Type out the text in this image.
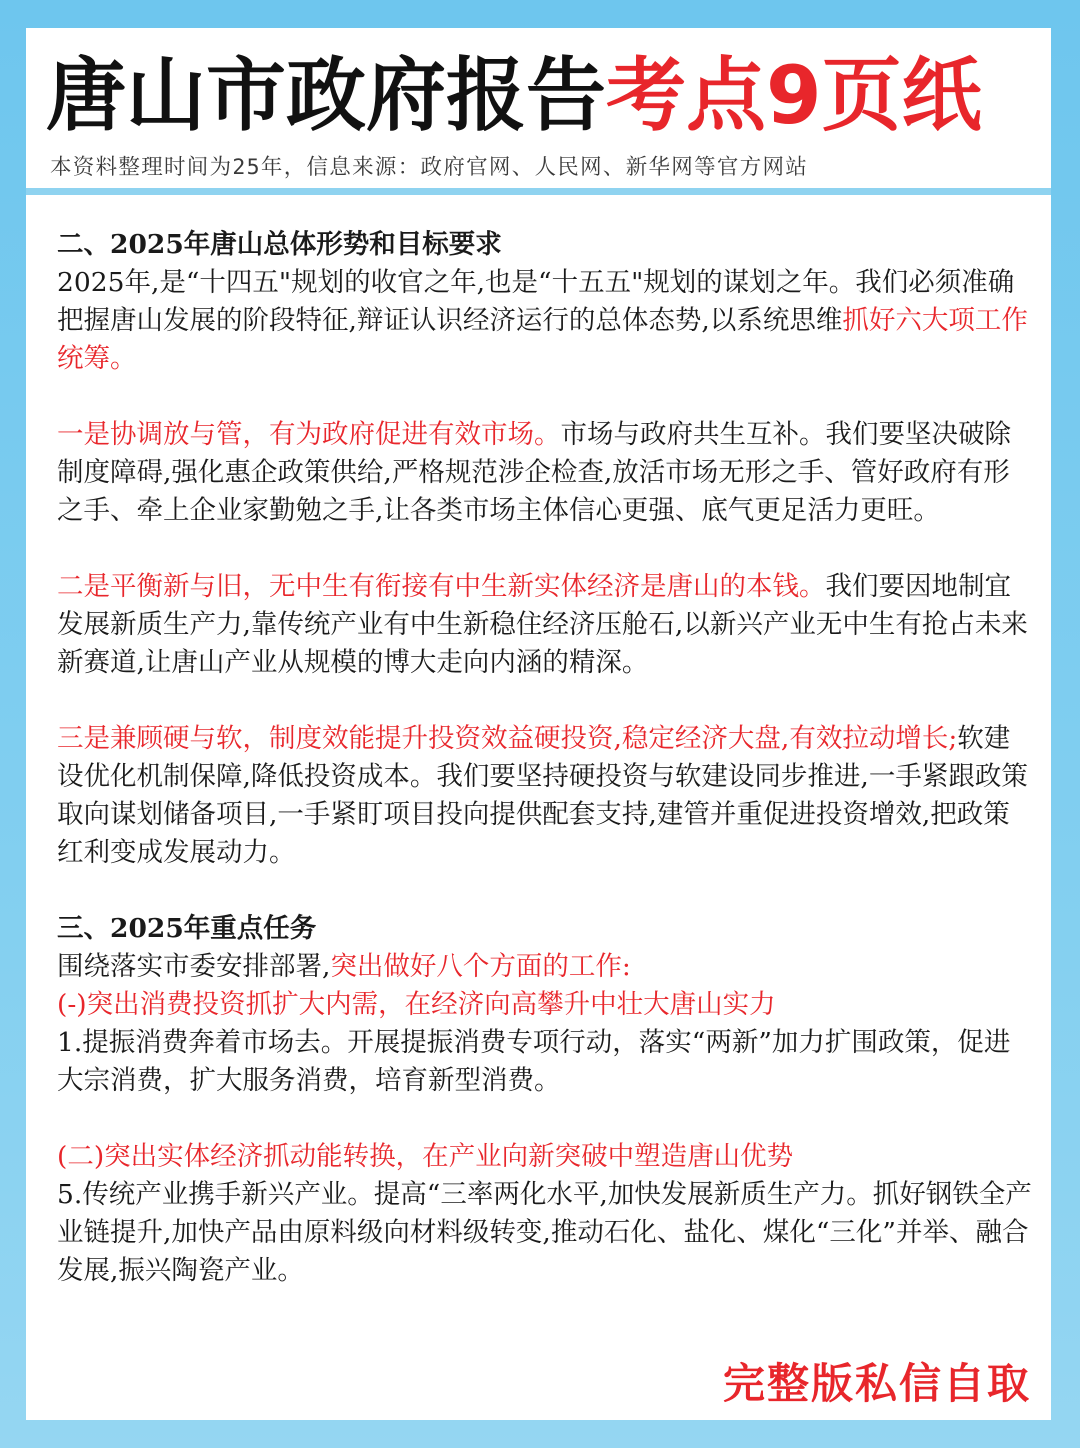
唐山市政府报告考点9页纸
本资料整理时间为25年，信息来源：政府官网、人民网、新华网等官方网站

二、2025年唐山总体形势和目标要求

2025年,是“十四五"规划的收官之年,也是“十五五"规划的谋划之年。我们必须准确把握唐山发展的阶段特征,辩证认识经济运行的总体态势,以系统思维抓好六大项工作统筹。

一是协调放与管，有为政府促进有效市场。市场与政府共生互补。我们要坚决破除制度障碍,强化惠企政策供给,严格规范涉企检查,放活市场无形之手、管好政府有形之手、牵上企业家勤勉之手,让各类市场主体信心更强、底气更足活力更旺。

二是平衡新与旧，无中生有衔接有中生新实体经济是唐山的本钱。我们要因地制宜发展新质生产力,靠传统产业有中生新稳住经济压舱石,以新兴产业无中生有抢占未来新赛道,让唐山产业从规模的博大走向内涵的精深。

三是兼顾硬与软，制度效能提升投资效益硬投资,稳定经济大盘,有效拉动增长;软建设优化机制保障,降低投资成本。我们要坚持硬投资与软建设同步推进,一手紧跟政策取向谋划储备项目,一手紧盯项目投向提供配套支持,建管并重促进投资增效,把政策红利变成发展动力。

三、2025年重点任务

围绕落实市委安排部署,突出做好八个方面的工作:

(-)突出消费投资抓扩大内需，在经济向高攀升中壮大唐山实力

1.提振消费奔着市场去。开展提振消费专项行动，落实“两新”加力扩围政策，促进大宗消费，扩大服务消费，培育新型消费。

(二)突出实体经济抓动能转换，在产业向新突破中塑造唐山优势

5.传统产业携手新兴产业。提高“三率两化水平,加快发展新质生产力。抓好钢铁全产业链提升,加快产品由原料级向材料级转变,推动石化、盐化、煤化“三化”并举、融合发展,振兴陶瓷产业。

完整版私信自取
